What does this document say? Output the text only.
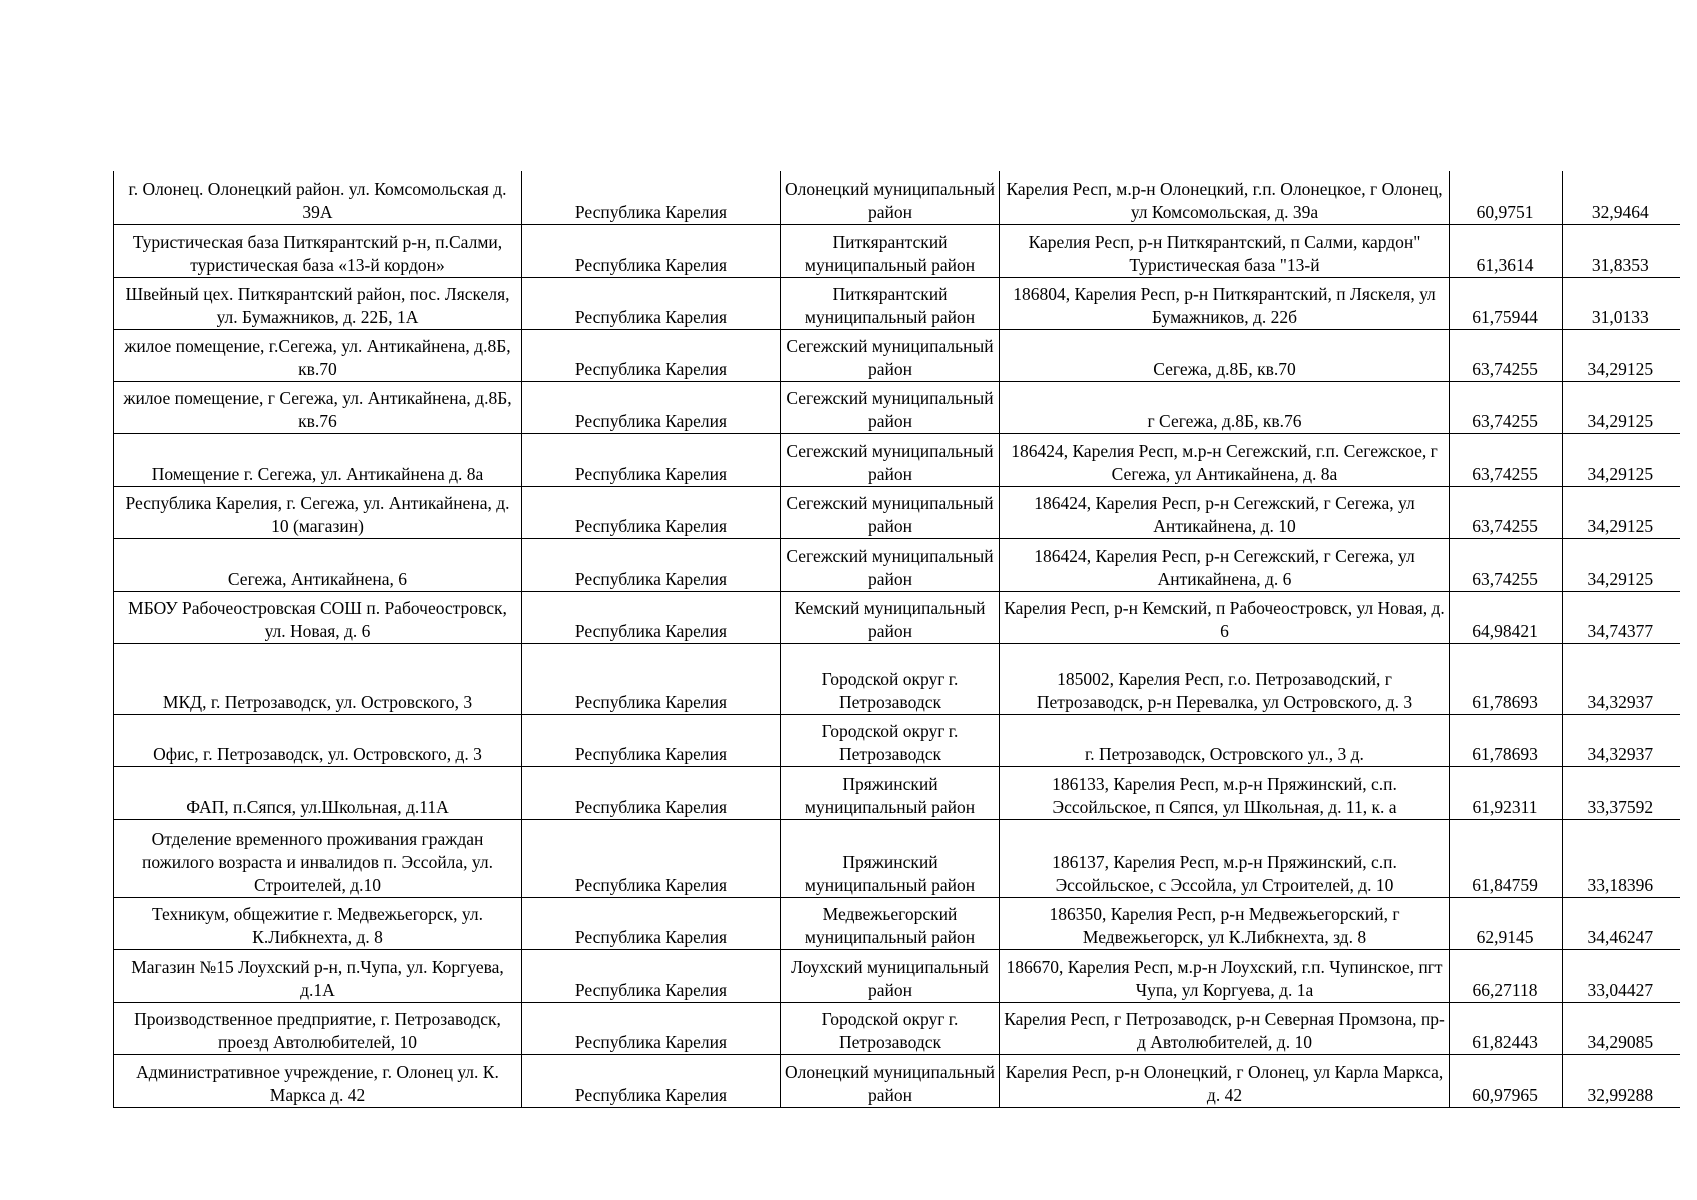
г. Олонец. Олонецкий район. ул. Комсомольская д. 39А	Республика Карелия	Олонецкий муниципальный район	Карелия Респ, м.р-н Олонецкий, г.п. Олонецкое, г Олонец, ул Комсомольская, д. 39а	60,9751	32,9464
Туристическая база Питкярантский р-н, п.Салми, туристическая база «13-й кордон»	Республика Карелия	Питкярантский муниципальный район	Карелия Респ, р-н Питкярантский, п Салми, кардон" Туристическая база "13-й	61,3614	31,8353
Швейный цех. Питкярантский район, пос. Ляскеля, ул. Бумажников, д. 22Б, 1А	Республика Карелия	Питкярантский муниципальный район	186804, Карелия Респ, р-н Питкярантский, п Ляскеля, ул Бумажников, д. 22б	61,75944	31,0133
жилое помещение, г.Сегежа, ул. Антикайнена, д.8Б, кв.70	Республика Карелия	Сегежский муниципальный район	Сегежа, д.8Б, кв.70	63,74255	34,29125
жилое помещение, г Сегежа, ул. Антикайнена, д.8Б, кв.76	Республика Карелия	Сегежский муниципальный район	г Сегежа, д.8Б, кв.76	63,74255	34,29125
Помещение г. Сегежа, ул. Антикайнена д. 8а	Республика Карелия	Сегежский муниципальный район	186424, Карелия Респ, м.р-н Сегежский, г.п. Сегежское, г Сегежа, ул Антикайнена, д. 8а	63,74255	34,29125
Республика Карелия, г. Сегежа, ул. Антикайнена, д. 10 (магазин)	Республика Карелия	Сегежский муниципальный район	186424, Карелия Респ, р-н Сегежский, г Сегежа, ул Антикайнена, д. 10	63,74255	34,29125
Сегежа, Антикайнена, 6	Республика Карелия	Сегежский муниципальный район	186424, Карелия Респ, р-н Сегежский, г Сегежа, ул Антикайнена, д. 6	63,74255	34,29125
МБОУ Рабочеостровская СОШ п. Рабочеостровск, ул. Новая, д. 6	Республика Карелия	Кемский муниципальный район	Карелия Респ, р-н Кемский, п Рабочеостровск, ул Новая, д. 6	64,98421	34,74377
МКД, г. Петрозаводск, ул. Островского, 3	Республика Карелия	Городской округ г. Петрозаводск	185002, Карелия Респ, г.о. Петрозаводский, г Петрозаводск, р-н Перевалка, ул Островского, д. 3	61,78693	34,32937
Офис, г. Петрозаводск, ул. Островского, д. 3	Республика Карелия	Городской округ г. Петрозаводск	г. Петрозаводск, Островского ул., 3 д.	61,78693	34,32937
ФАП, п.Сяпся, ул.Школьная, д.11А	Республика Карелия	Пряжинский муниципальный район	186133, Карелия Респ, м.р-н Пряжинский, с.п. Эссойльское, п Сяпся, ул Школьная, д. 11, к. а	61,92311	33,37592
Отделение временного проживания граждан пожилого возраста и инвалидов п. Эссойла, ул. Строителей, д.10	Республика Карелия	Пряжинский муниципальный район	186137, Карелия Респ, м.р-н Пряжинский, с.п. Эссойльское, с Эссойла, ул Строителей, д. 10	61,84759	33,18396
Техникум, общежитие г. Медвежьегорск, ул. К.Либкнехта, д. 8	Республика Карелия	Медвежьегорский муниципальный район	186350, Карелия Респ, р-н Медвежьегорский, г Медвежьегорск, ул К.Либкнехта, зд. 8	62,9145	34,46247
Магазин №15 Лоухский р-н, п.Чупа, ул. Коргуева, д.1А	Республика Карелия	Лоухский муниципальный район	186670, Карелия Респ, м.р-н Лоухский, г.п. Чупинское, пгт Чупа, ул Коргуева, д. 1а	66,27118	33,04427
Производственное предприятие, г. Петрозаводск, проезд Автолюбителей, 10	Республика Карелия	Городской округ г. Петрозаводск	Карелия Респ, г Петрозаводск, р-н Северная Промзона, пр-д Автолюбителей, д. 10	61,82443	34,29085
Административное учреждение, г. Олонец ул. К. Маркса д. 42	Республика Карелия	Олонецкий муниципальный район	Карелия Респ, р-н Олонецкий, г Олонец, ул Карла Маркса, д. 42	60,97965	32,99288
